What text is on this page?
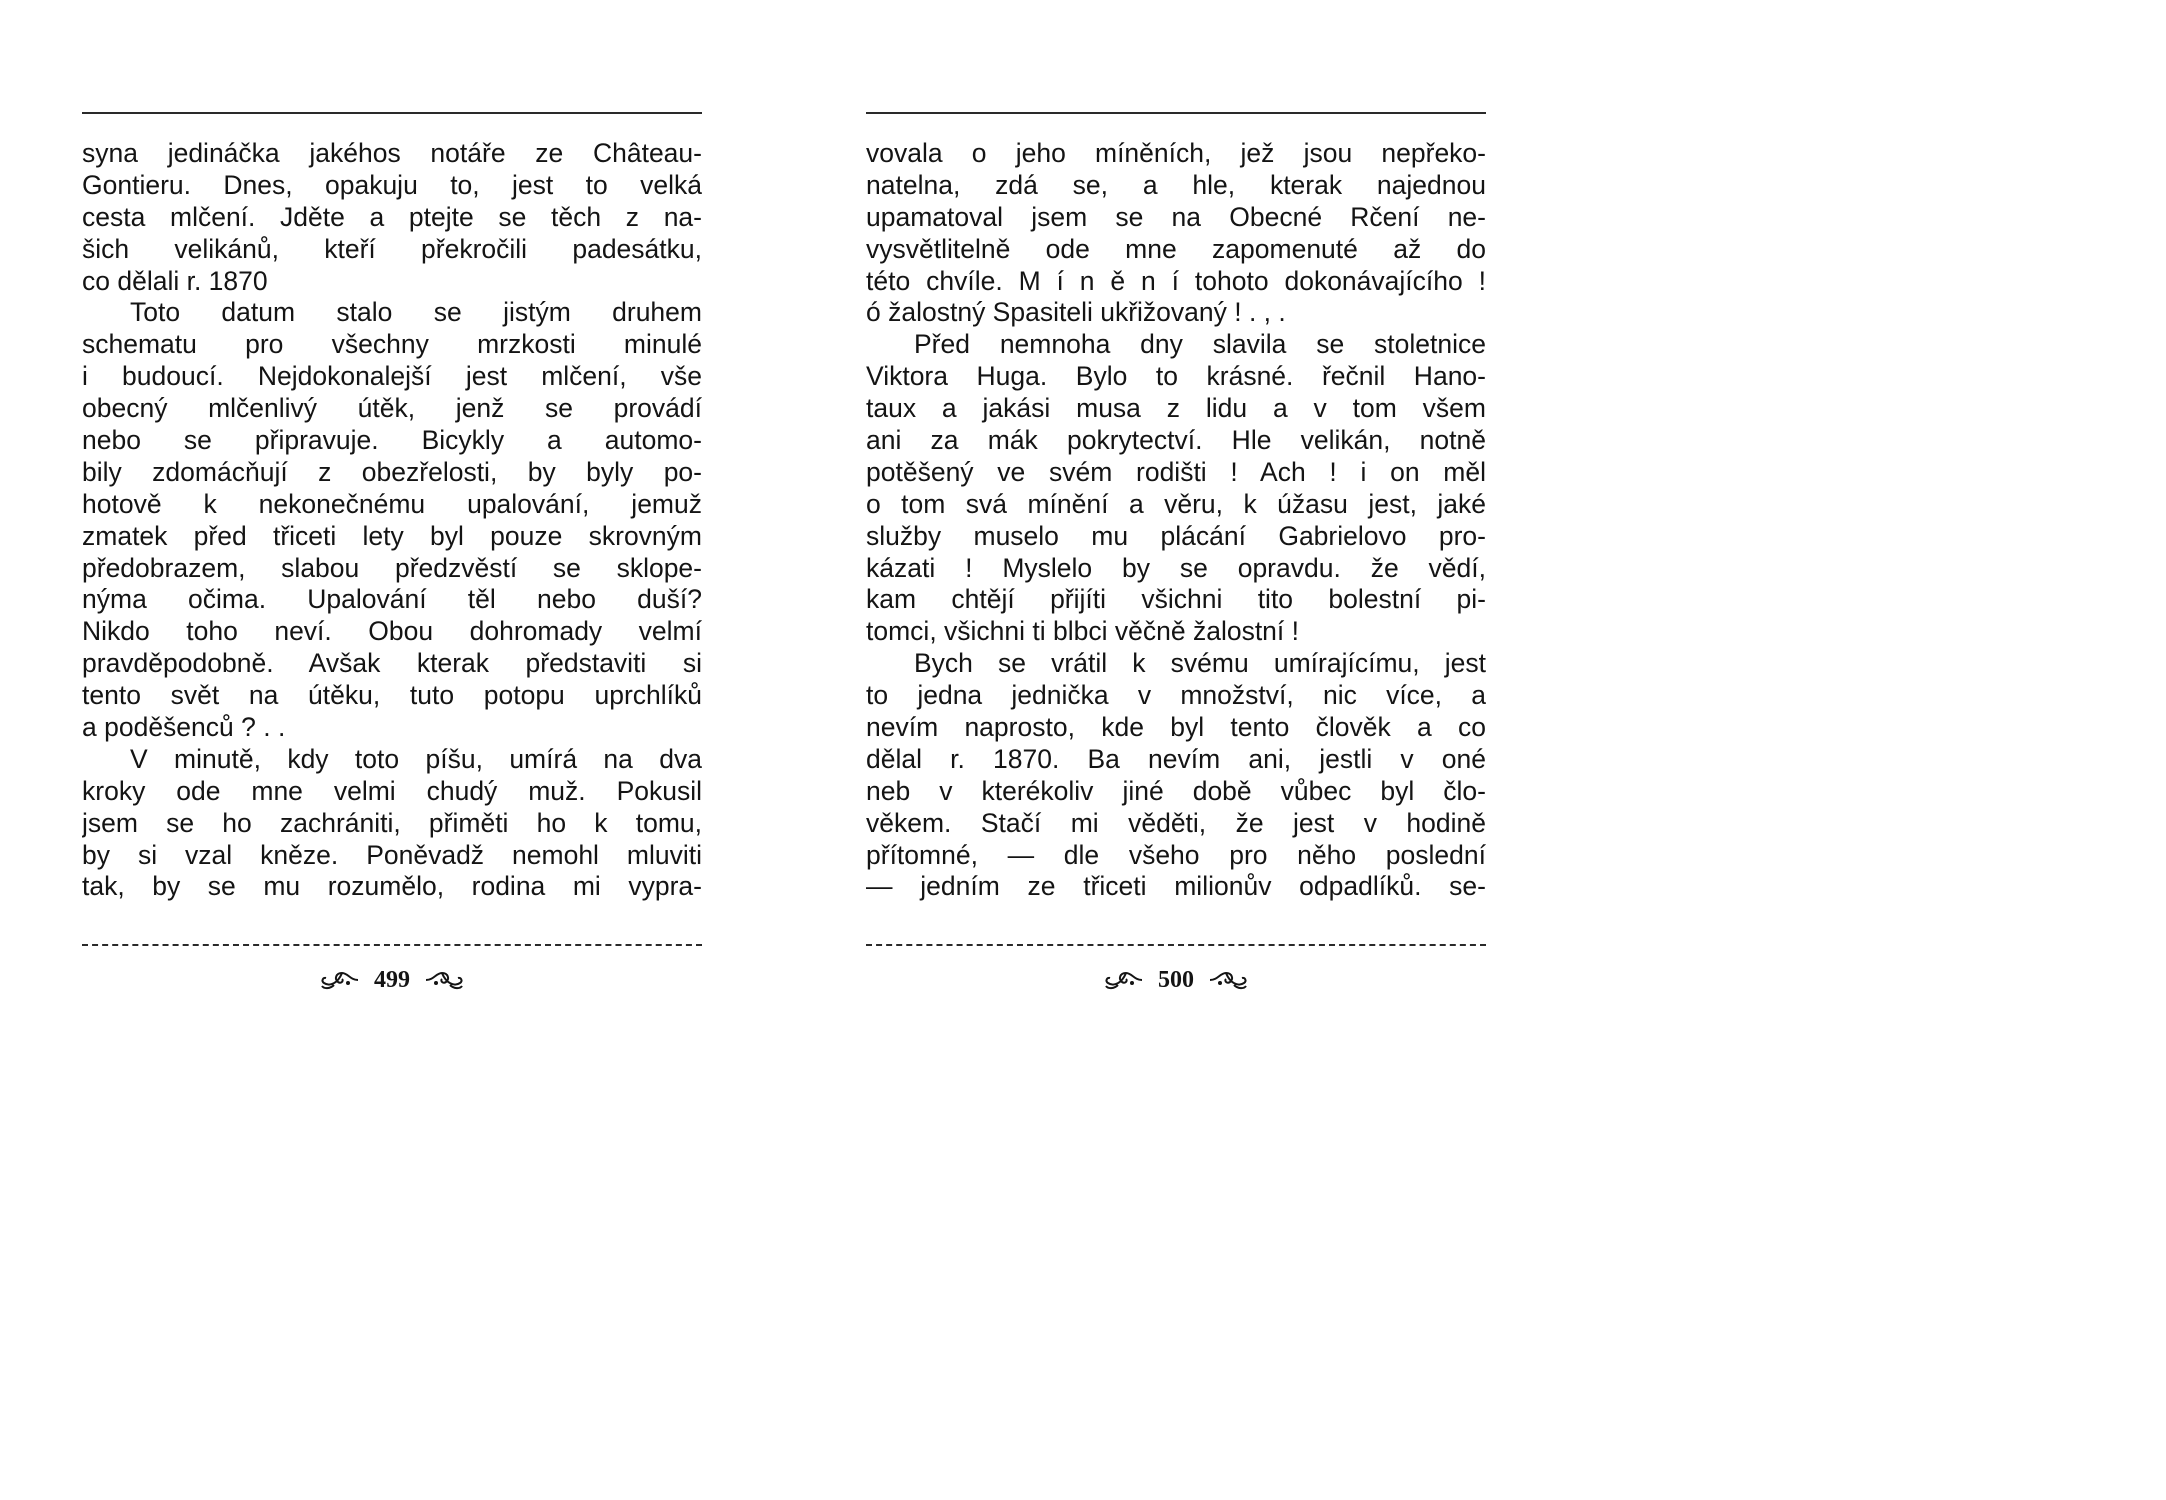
syna jedináčka jakéhos notáře ze Château-
Gontieru. Dnes, opakuju to, jest to velká
cesta mlčení. Jděte a ptejte se těch z na-
šich velikánů, kteří překročili padesátku,
co dělali r. 1870
Toto datum stalo se jistým druhem
schematu pro všechny mrzkosti minulé
i budoucí. Nejdokonalejší jest mlčení, vše
obecný mlčenlivý útěk, jenž se provádí
nebo se připravuje. Bicykly a automo-
bily zdomácňují z obezřelosti, by byly po-
hotově k nekonečnému upalování, jemuž
zmatek před třiceti lety byl pouze skrovným
předobrazem, slabou předzvěstí se sklope-
nýma očima. Upalování těl nebo duší?
Nikdo toho neví. Obou dohromady velmí
pravděpodobně. Avšak kterak představiti si
tento svět na útěku, tuto potopu uprchlíků
a poděšenců ? . .
V minutě, kdy toto píšu, umírá na dva
kroky ode mne velmi chudý muž. Pokusil
jsem se ho zachrániti, přiměti ho k tomu,
by si vzal kněze. Poněvadž nemohl mluviti
tak, by se mu rozumělo, rodina mi vypra-
499
vovala o jeho míněních, jež jsou nepřeko-
natelna, zdá se, a hle, kterak najednou
upamatoval jsem se na Obecné Rčení ne-
vysvětlitelně ode mne zapomenuté až do
této chvíle. M í n ě n í tohoto dokonávajícího !
ó žalostný Spasiteli ukřižovaný ! . , .
Před nemnoha dny slavila se stoletnice
Viktora Huga. Bylo to krásné. řečnil Hano-
taux a jakási musa z lidu a v tom všem
ani za mák pokrytectví. Hle velikán, notně
potěšený ve svém rodišti ! Ach ! i on měl
o tom svá mínění a věru, k úžasu jest, jaké
služby muselo mu plácání Gabrielovo pro-
kázati ! Myslelo by se opravdu. že vědí,
kam chtějí přijíti všichni tito bolestní pi-
tomci, všichni ti blbci věčně žalostní !
Bych se vrátil k svému umírajícímu, jest
to jedna jednička v množství, nic více, a
nevím naprosto, kde byl tento člověk a co
dělal r. 1870. Ba nevím ani, jestli v oné
neb v kterékoliv jiné době vůbec byl člo-
věkem. Stačí mi věděti, že jest v hodině
přítomné, — dle všeho pro něho poslední
— jedním ze třiceti milionův odpadlíků. se-
500
